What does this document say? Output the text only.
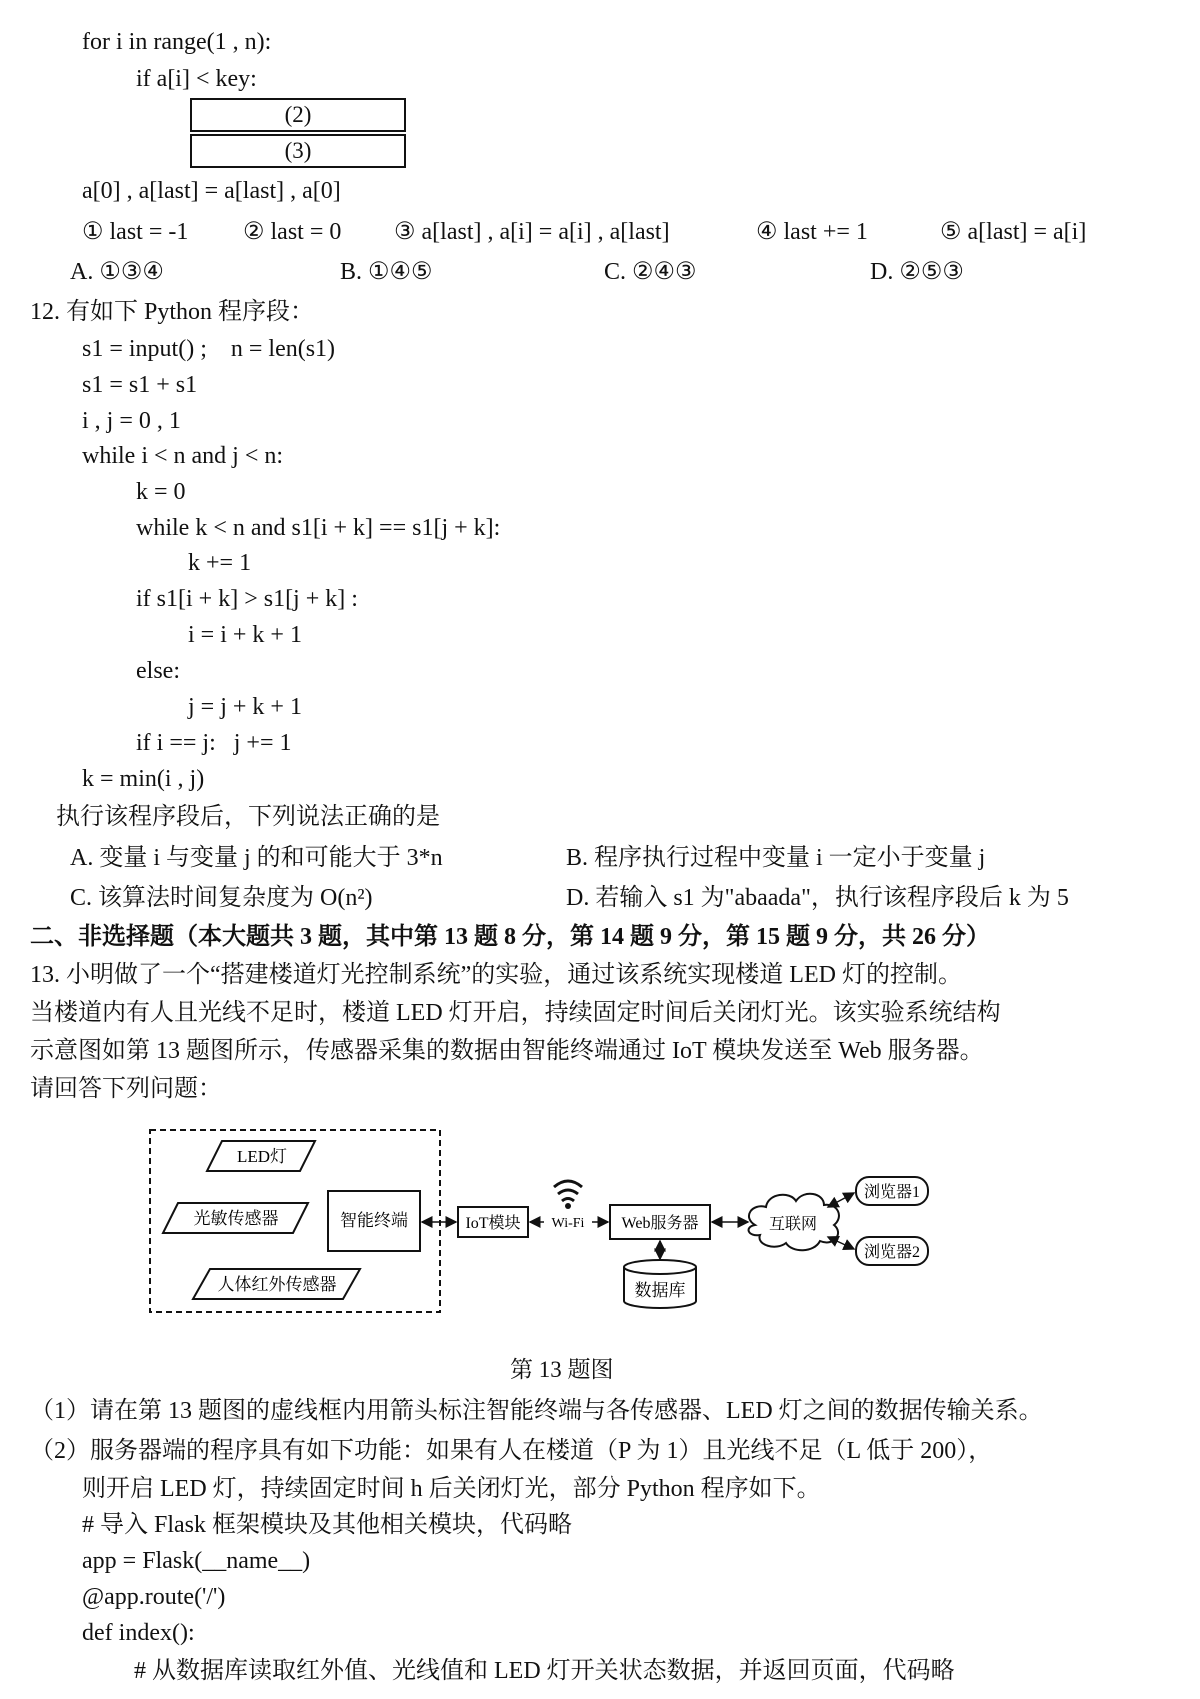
for i in range(1 , n):
if a[i] < key:
(2)
(3)
a[0] , a[last] = a[last] , a[0]
① last = -1 ② last = 0 ③ a[last] , a[i] = a[i] , a[last]	④ last += 1	⑤ a[last] = a[i]
A. ①③④	B. ①④⑤	C. ②④③	D. ②⑤③
12. 有如下 Python 程序段：
s1 = input() ;    n = len(s1)
s1 = s1 + s1
i , j = 0 , 1
while i < n and j < n:
k = 0
while k < n and s1[i + k] == s1[j + k]:
k += 1
if s1[i + k] > s1[j + k] :
i = i + k + 1
else:
j = j + k + 1
if i == j:   j += 1
k = min(i , j)
执行该程序段后，下列说法正确的是
A. 变量 i 与变量 j 的和可能大于 3*n	B. 程序执行过程中变量 i 一定小于变量 j
C. 该算法时间复杂度为 O(n²)	D. 若输入 s1 为"abaada"，执行该程序段后 k 为 5
二、非选择题（本大题共 3 题，其中第 13 题 8 分，第 14 题 9 分，第 15 题 9 分，共 26 分）
13. 小明做了一个“搭建楼道灯光控制系统”的实验，通过该系统实现楼道 LED 灯的控制。
当楼道内有人且光线不足时，楼道 LED 灯开启，持续固定时间后关闭灯光。该实验系统结构
示意图如第 13 题图所示，传感器采集的数据由智能终端通过 IoT 模块发送至 Web 服务器。
请回答下列问题：
LED灯
光敏传感器
人体红外传感器
智能终端	IoT模块 Wi-Fi Web服务器
数据库
互联网
浏览器1
浏览器2
第 13 题图
（1）请在第 13 题图的虚线框内用箭头标注智能终端与各传感器、LED 灯之间的数据传输关系。
（2）服务器端的程序具有如下功能：如果有人在楼道（P 为 1）且光线不足（L 低于 200），
则开启 LED 灯，持续固定时间 h 后关闭灯光，部分 Python 程序如下。
# 导入 Flask 框架模块及其他相关模块，代码略
app = Flask(__name__)
@app.route('/')
def index():
# 从数据库读取红外值、光线值和 LED 灯开关状态数据，并返回页面，代码略
